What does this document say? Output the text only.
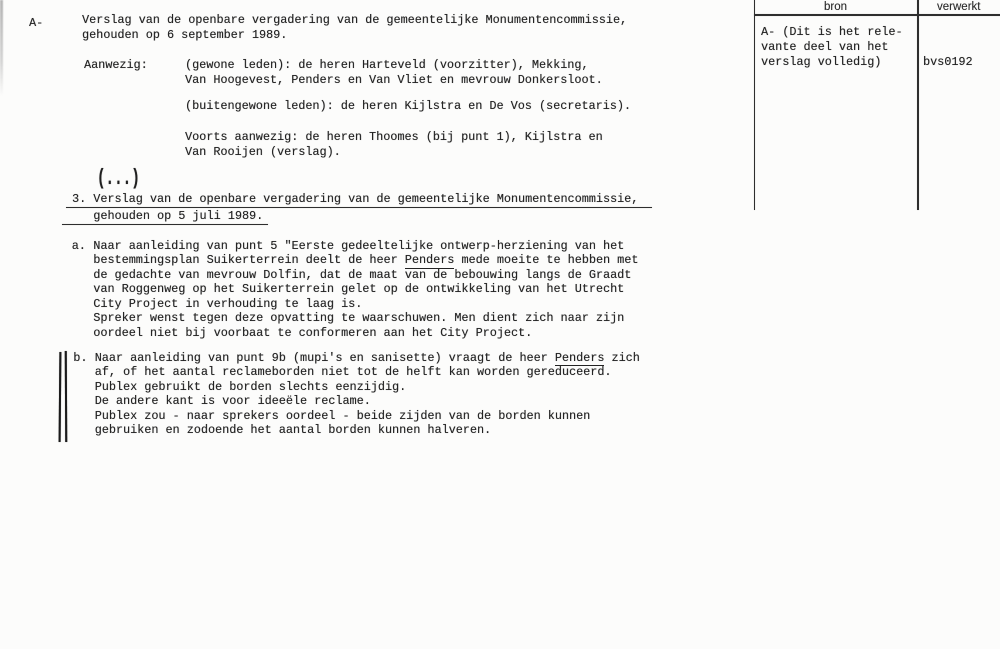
A-	Verslag van de openbare vergadering van de gemeentelijke Monumentencommissie,
gehouden op 6 september 1989.
Aanwezig:	(gewone leden): de heren Harteveld (voorzitter), Mekking,
Van Hoogevest, Penders en Van Vliet en mevrouw Donkersloot.
(buitengewone leden): de heren Kijlstra en De Vos (secretaris).
Voorts aanwezig: de heren Thoomes (bij punt 1), Kijlstra en
Van Rooijen (verslag).
(...)
3. Verslag van de openbare vergadering van de gemeentelijke Monumentencommissie,
gehouden op 5 juli 1989.
a. Naar aanleiding van punt 5 "Eerste gedeeltelijke ontwerp-herziening van het
bestemmingsplan Suikerterrein deelt de heer Penders mede moeite te hebben met
de gedachte van mevrouw Dolfin, dat de maat van de bebouwing langs de Graadt
van Roggenweg op het Suikerterrein gelet op de ontwikkeling van het Utrecht
City Project in verhouding te laag is.
Spreker wenst tegen deze opvatting te waarschuwen. Men dient zich naar zijn
oordeel niet bij voorbaat te conformeren aan het City Project.
b. Naar aanleiding van punt 9b (mupi's en sanisette) vraagt de heer Penders zich
af, of het aantal reclameborden niet tot de helft kan worden gereduceerd.
Publex gebruikt de borden slechts eenzijdig.
De andere kant is voor ideeële reclame.
Publex zou - naar sprekers oordeel - beide zijden van de borden kunnen
gebruiken en zodoende het aantal borden kunnen halveren.
bron	verwerkt
A- (Dit is het rele-
vante deel van het
verslag volledig)	bvs0192
